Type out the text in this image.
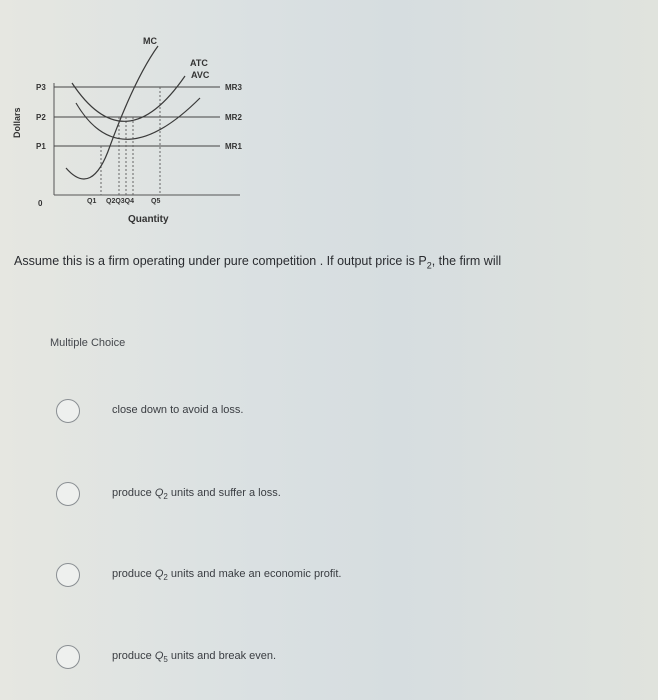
MC
ATC
AVC
MR3
MR2
MR1
P3
P2
P1
0	Q1 Q2Q3Q4 Q5
Quantity
Dollars
Assume this is a firm operating under pure competition . If output price is $P_2$, the firm will
Multiple Choice
close down to avoid a loss.
produce $Q_2$ units and suffer a loss.
produce $Q_2$ units and make an economic profit.
produce $Q_5$ units and break even.
